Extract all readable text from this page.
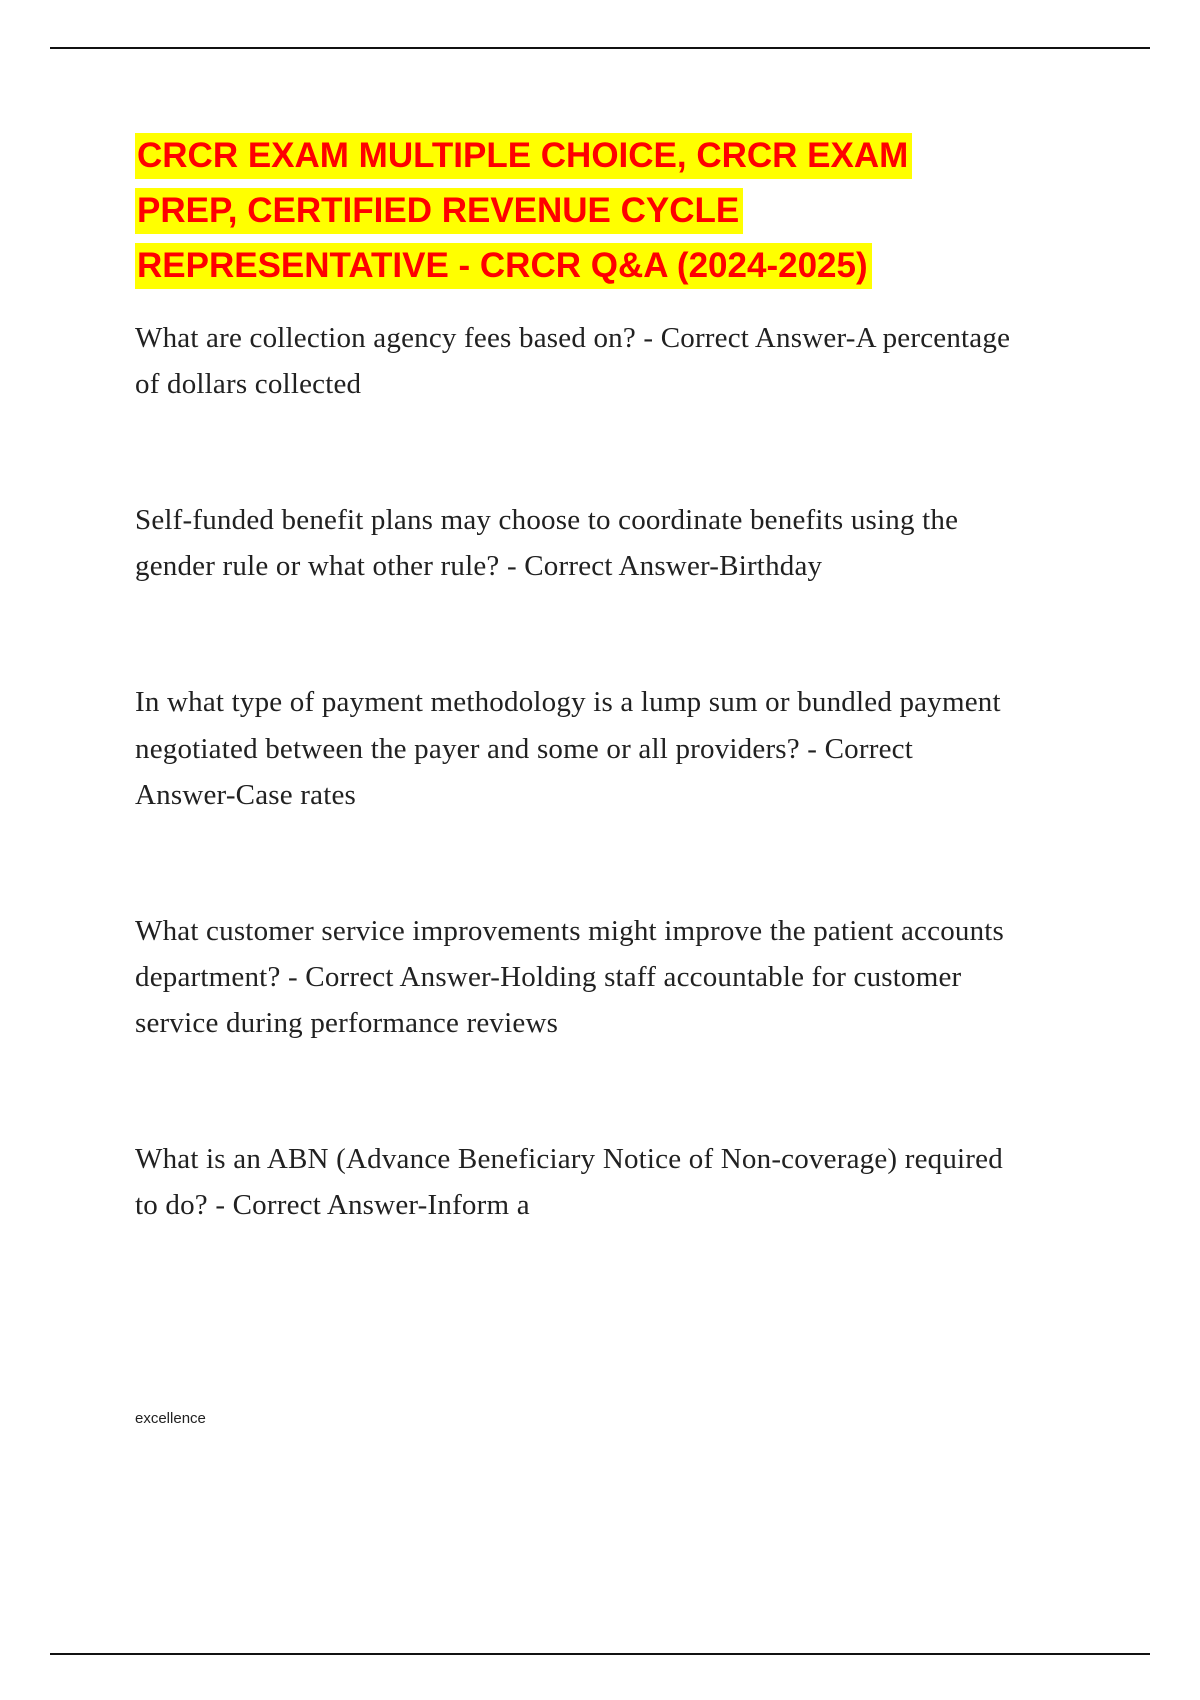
CRCR EXAM MULTIPLE CHOICE, CRCR EXAM
PREP, CERTIFIED REVENUE CYCLE
REPRESENTATIVE - CRCR Q&A (2024-2025)

What are collection agency fees based on? - Correct Answer-A percentage of dollars collected

Self-funded benefit plans may choose to coordinate benefits using the gender rule or what other rule? - Correct Answer-Birthday

In what type of payment methodology is a lump sum or bundled payment negotiated between the payer and some or all providers? - Correct Answer-Case rates

What customer service improvements might improve the patient accounts department? - Correct Answer-Holding staff accountable for customer service during performance reviews

What is an ABN (Advance Beneficiary Notice of Non-coverage) required to do? - Correct Answer-Inform a

excellence
